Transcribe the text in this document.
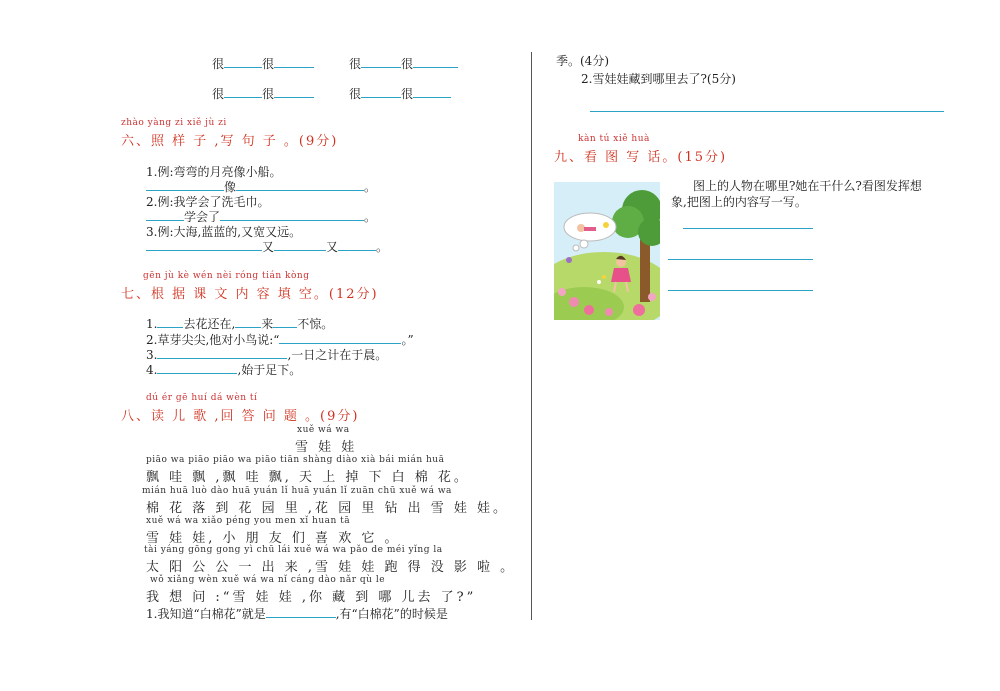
很	很	很	很
很	很	很	很
zhào yàng zi xiě jù zi
六、照 样 子 ,写 句 子 。(9分)
1.例:弯弯的月亮像小船。
像	。
2.例:我学会了洗毛巾。
学会了	。
3.例:大海,蓝蓝的,又宽又远。
又	又	。
gēn jù kè wén nèi róng tián kòng
七、根 据 课 文 内 容 填 空。(12分)
1. 去花还在, 来 不惊。
2.草芽尖尖,他对小鸟说:“	。”
3.	,一日之计在于晨。
4.	,始于足下。
dú ér gē huí dá wèn tí
八、读 儿 歌 ,回 答 问 题 。(9分)
xuě wá wa
雪 娃 娃
piāo wa piāo piāo wa piāo tiān shàng diào xià bái mián huā
飘 哇 飘 ,飘 哇 飘, 天 上 掉 下 白 棉 花。
mián huā luò dào huā yuán lǐ huā yuán lǐ zuān chū xuě wá wa
棉 花 落 到 花 园 里 ,花 园 里 钻 出 雪 娃 娃。
xuě wá wa xiǎo péng you men xǐ huan tā
雪 娃 娃, 小 朋 友 们 喜 欢 它 。
tài yáng gōng gong yì chū lái xuě wá wa pǎo de méi yǐng la
太 阳 公 公 一 出 来 ,雪 娃 娃 跑 得 没 影 啦 。
wǒ xiǎng wèn xuě wá wa nǐ cáng dào nǎr qù le
我 想 问 :“雪 娃 娃 ,你 藏 到 哪 儿去 了?”
1.我知道“白棉花”就是	,有“白棉花”的时候是
季。(4分)
2.雪娃娃藏到哪里去了?(5分)
kàn tú xiě huà
九、看 图 写 话。(15分)
图上的人物在哪里?她在干什么?看图发挥想
象,把图上的内容写一写。
